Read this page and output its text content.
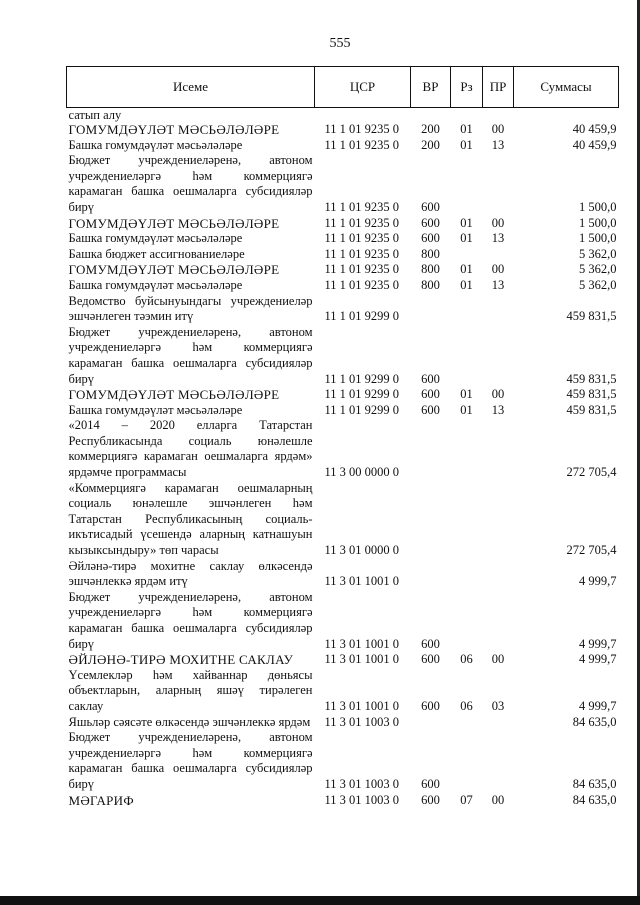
555
Исеме	ЦСР	ВР	Рз	ПР	Суммасы
сатып алу					
ГОМУМДӘҮЛӘТ МӘСЬӘЛӘЛӘРЕ	11 1 01 9235 0	200	01	00	40 459,9
Башка гомумдәүләт мәсьәләләре	11 1 01 9235 0	200	01	13	40 459,9
Бюджет учреждениеләренә, автоном учреждениеләргә һәм коммерциягә карамаган башка оешмаларга субсидияләр бирү	11 1 01 9235 0	600			1 500,0
ГОМУМДӘҮЛӘТ МӘСЬӘЛӘЛӘРЕ	11 1 01 9235 0	600	01	00	1 500,0
Башка гомумдәүләт мәсьәләләре	11 1 01 9235 0	600	01	13	1 500,0
Башка бюджет ассигнованиеләре	11 1 01 9235 0	800			5 362,0
ГОМУМДӘҮЛӘТ МӘСЬӘЛӘЛӘРЕ	11 1 01 9235 0	800	01	00	5 362,0
Башка гомумдәүләт мәсьәләләре	11 1 01 9235 0	800	01	13	5 362,0
Ведомство буйсынуындагы учреждениеләр эшчәнлеген тәэмин итү	11 1 01 9299 0				459 831,5
Бюджет учреждениеләренә, автоном учреждениеләргә һәм коммерциягә карамаган башка оешмаларга субсидияләр бирү	11 1 01 9299 0	600			459 831,5
ГОМУМДӘҮЛӘТ МӘСЬӘЛӘЛӘРЕ	11 1 01 9299 0	600	01	00	459 831,5
Башка гомумдәүләт мәсьәләләре	11 1 01 9299 0	600	01	13	459 831,5
«2014 – 2020 елларга Татарстан Республикасында социаль юнәлешле коммерциягә карамаган оешмаларга ярдәм» ярдәмче программасы	11 3 00 0000 0				272 705,4
«Коммерциягә карамаган оешмаларның социаль юнәлешле эшчәнлеген һәм Татарстан Республикасының социаль-икътисадый үсешендә аларның катнашуын кызыксындыру» төп чарасы	11 3 01 0000 0				272 705,4
Әйләнә-тирә мохитне саклау өлкәсендә эшчәнлеккә ярдәм итү	11 3 01 1001 0				4 999,7
Бюджет учреждениеләренә, автоном учреждениеләргә һәм коммерциягә карамаган башка оешмаларга субсидияләр бирү	11 3 01 1001 0	600			4 999,7
ӘЙЛӘНӘ-ТИРӘ МОХИТНЕ САКЛАУ	11 3 01 1001 0	600	06	00	4 999,7
Үсемлекләр һәм хайваннар дөньясы объектларын, аларның яшәү тирәлеген саклау	11 3 01 1001 0	600	06	03	4 999,7
Яшьләр сәясәте өлкәсендә эшчәнлеккә ярдәм	11 3 01 1003 0				84 635,0
Бюджет учреждениеләренә, автоном учреждениеләргә һәм коммерциягә карамаган башка оешмаларга субсидияләр бирү	11 3 01 1003 0	600			84 635,0
МӘГАРИФ	11 3 01 1003 0	600	07	00	84 635,0
